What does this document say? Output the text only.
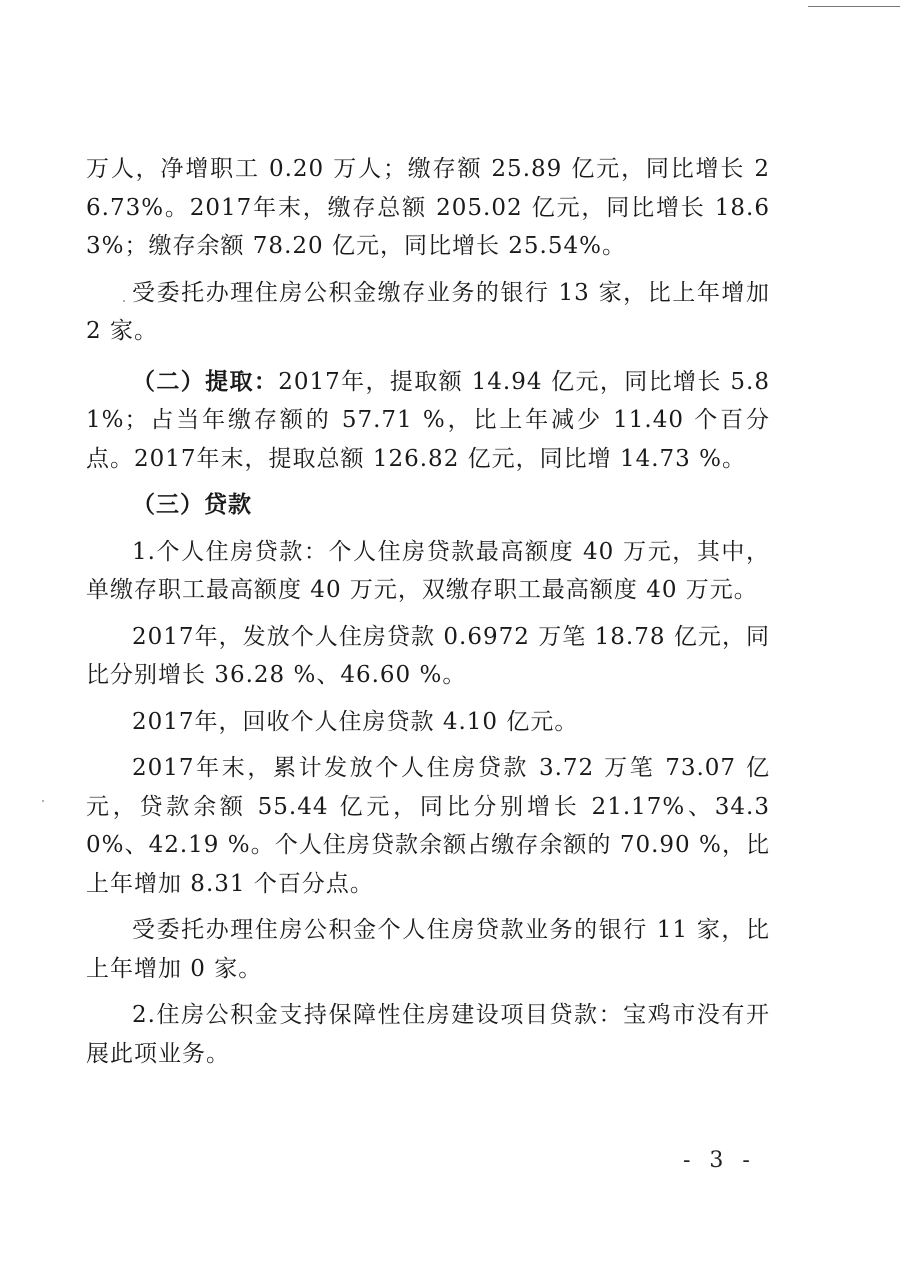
万人，净增职工 0.20 万人；缴存额 25.89 亿元，同比增长 26.73%。2017年末，缴存总额 205.02 亿元，同比增长 18.63%；缴存余额 78.20 亿元，同比增长 25.54%。

受委托办理住房公积金缴存业务的银行 13 家，比上年增加 2 家。

（二）提取：2017年，提取额 14.94 亿元，同比增长 5.81%；占当年缴存额的 57.71 %，比上年减少 11.40 个百分点。2017年末，提取总额 126.82 亿元，同比增 14.73 %。

（三）贷款

1.个人住房贷款：个人住房贷款最高额度 40 万元，其中，单缴存职工最高额度 40 万元，双缴存职工最高额度 40 万元。

2017年，发放个人住房贷款 0.6972 万笔 18.78 亿元，同比分别增长 36.28 %、46.60 %。

2017年，回收个人住房贷款 4.10 亿元。

2017年末，累计发放个人住房贷款 3.72 万笔 73.07 亿元，贷款余额 55.44 亿元，同比分别增长 21.17%、34.30%、42.19 %。个人住房贷款余额占缴存余额的 70.90 %，比上年增加 8.31 个百分点。

受委托办理住房公积金个人住房贷款业务的银行 11 家，比上年增加 0 家。

2.住房公积金支持保障性住房建设项目贷款：宝鸡市没有开展此项业务。

- 3 -
